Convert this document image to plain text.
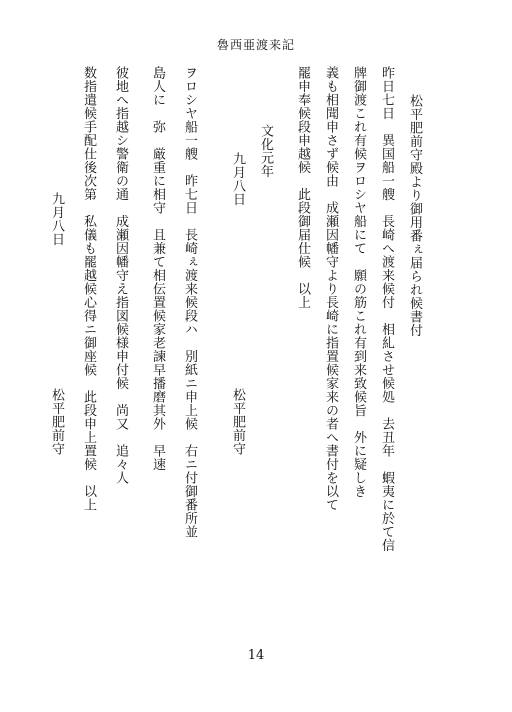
魯西亜渡来記
松平肥前守殿より御用番ぇ届られ候書付
昨日七日　異国船一艘　長崎へ渡来候付　相糺させ候処　去丑年　蝦夷に於て信
牌御渡これ有候ヲロシヤ船にて　願の筋これ有到来致候旨　外に疑しき
義も相聞申さず候由　成瀬因幡守より長崎に指置候家来の者へ書付を以て
罷申奉候段申越候　此段御届仕候　以上
文化元年
九月八日
松平肥前守
ヲロシヤ船一艘　昨七日　長崎ぇ渡来候段ハ　別紙ニ申上候　右ニ付御番所並
島人に　弥　厳重に相守　且兼て相伝置候家老諫早播磨其外　早速
彼地へ指越シ警衛の通　成瀬因幡守え指図候様申付候　尚又　追々人
数指遣候手配仕後次第　私儀も罷越候心得ニ御座候　此段申上置候　以上
九月八日
松平肥前守
14
